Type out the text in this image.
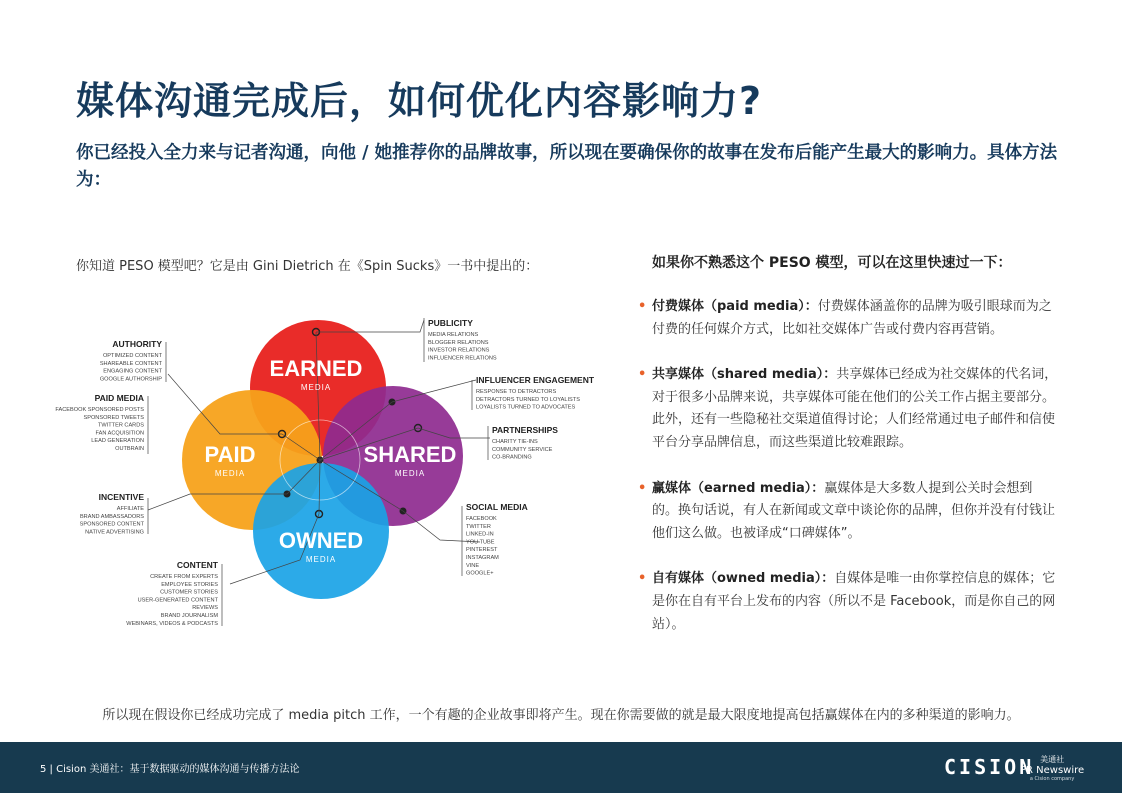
媒体沟通完成后，如何优化内容影响力?
你已经投入全力来与记者沟通，向他 / 她推荐你的品牌故事，所以现在要确保你的故事在发布后能产生最大的影响力。具体方法为：
你知道 PESO 模型吧？它是由 Gini Dietrich 在《Spin Sucks》一书中提出的：
EARNED
MEDIA
PAID
MEDIA
SHARED
MEDIA
OWNED
MEDIA
AUTHORITY
OPTIMIZED CONTENT
SHAREABLE CONTENT
ENGAGING CONTENT
GOOGLE AUTHORSHIP
PAID MEDIA
FACEBOOK SPONSORED POSTS
SPONSORED TWEETS
TWITTER CARDS
FAN ACQUISITION
LEAD GENERATION
OUTBRAIN
INCENTIVE
AFFILIATE
BRAND AMBASSADORS
SPONSORED CONTENT
NATIVE ADVERTISING
CONTENT
CREATE FROM EXPERTS
EMPLOYEE STORIES
CUSTOMER STORIES
USER-GENERATED CONTENT
REVIEWS
BRAND JOURNALISM
WEBINARS, VIDEOS & PODCASTS
PUBLICITY
MEDIA RELATIONS
BLOGGER RELATIONS
INVESTOR RELATIONS
INFLUENCER RELATIONS
INFLUENCER ENGAGEMENT
RESPONSE TO DETRACTORS
DETRACTORS TURNED TO LOYALISTS
LOYALISTS TURNED TO ADVOCATES
PARTNERSHIPS
CHARITY TIE-INS
COMMUNITY SERVICE
CO-BRANDING
SOCIAL MEDIA
FACEBOOK
TWITTER
LINKED-IN
YOU TUBE
PINTEREST
INSTAGRAM
VINE
GOOGLE+
如果你不熟悉这个 PESO 模型，可以在这里快速过一下：
• 付费媒体（paid media）：付费媒体涵盖你的品牌为吸引眼球而为之付费的任何媒介方式，比如社交媒体广告或付费内容再营销。
• 共享媒体（shared media）：共享媒体已经成为社交媒体的代名词，对于很多小品牌来说，共享媒体可能在他们的公关工作占据主要部分。此外，还有一些隐秘社交渠道值得讨论；人们经常通过电子邮件和信使平台分享品牌信息，而这些渠道比较难跟踪。
• 赢媒体（earned media）：赢媒体是大多数人提到公关时会想到的。换句话说，有人在新闻或文章中谈论你的品牌，但你并没有付钱让他们这么做。也被译成“口碑媒体”。
• 自有媒体（owned media）：自媒体是唯一由你掌控信息的媒体；它是你在自有平台上发布的内容（所以不是 Facebook，而是你自己的网站）。
所以现在假设你已经成功完成了 media pitch 工作，一个有趣的企业故事即将产生。现在你需要做的就是最大限度地提高包括赢媒体在内的多种渠道的影响力。
5 | Cision 美通社：基于数据驱动的媒体沟通与传播方法论	CISION 美通社
PR Newswire
a Cision company
